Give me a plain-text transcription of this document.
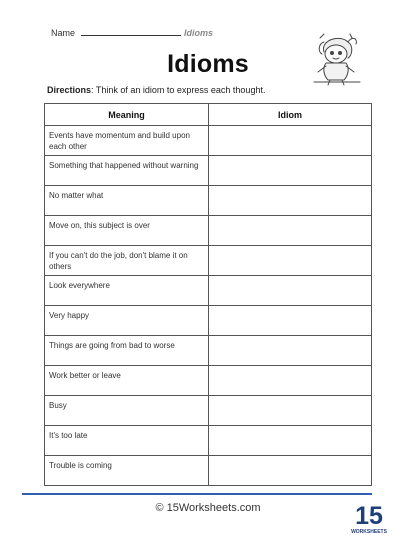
Name	Idioms
Idioms
Directions: Think of an idiom to express each thought.
Meaning	Idiom
Events have momentum and build upon each other	
Something that happened without warning	
No matter what	
Move on, this subject is over	
If you can't do the job, don't blame it on others	
Look everywhere	
Very happy	
Things are going from bad to worse	
Work better or leave	
Busy	
It's too late	
Trouble is coming	
© 15Worksheets.com	15
WORKSHEETS
